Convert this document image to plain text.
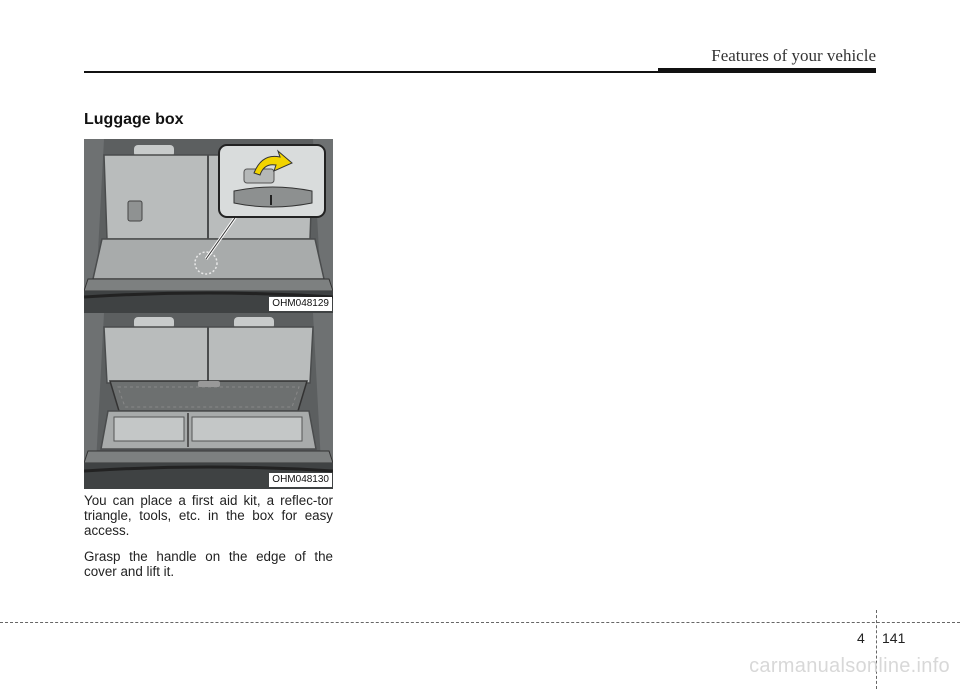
Features of your vehicle
Luggage box
OHM048129
OHM048130

You can place a first aid kit, a reflec-tor triangle, tools, etc. in the box for easy access.

Grasp the handle on the edge of the cover and lift it.

4 141
carmanualsonline.info
